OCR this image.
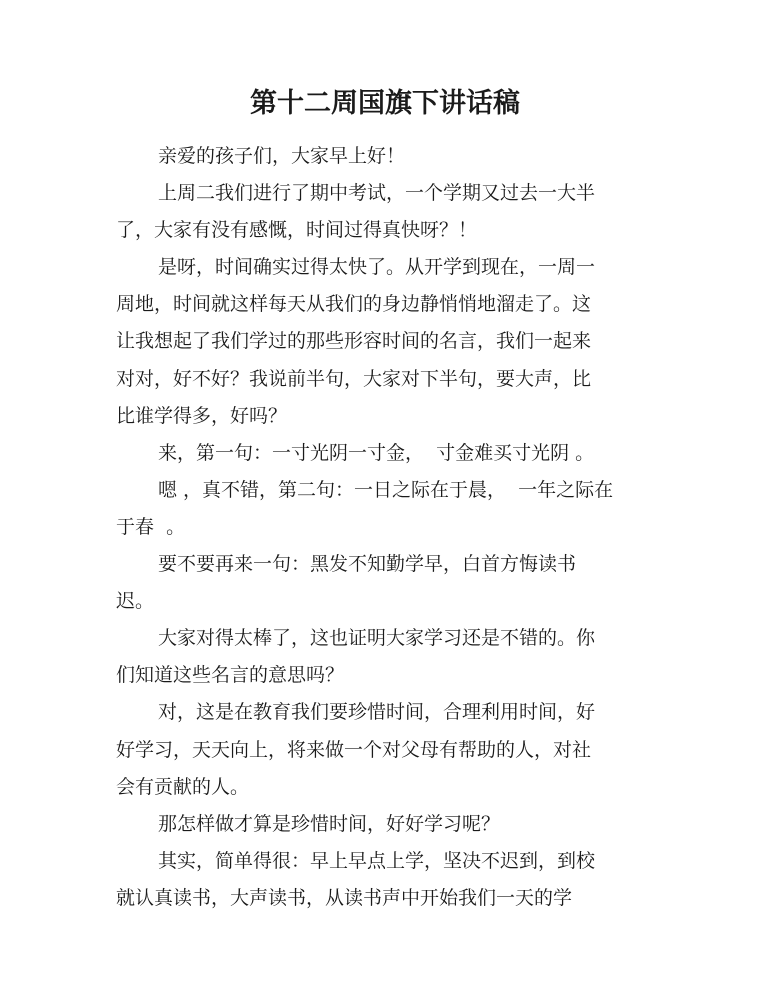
第十二周国旗下讲话稿

亲爱的孩子们，大家早上好！

上周二我们进行了期中考试，一个学期又过去一大半

了，大家有没有感慨，时间过得真快呀？！

是呀，时间确实过得太快了。从开学到现在，一周一

周地，时间就这样每天从我们的身边静悄悄地溜走了。这

让我想起了我们学过的那些形容时间的名言，我们一起来

对对，好不好？我说前半句，大家对下半句，要大声，比

比谁学得多，好吗？

来，第一句：一寸光阴一寸金，  寸金难买寸光阴 。

嗯 ，真不错，第二句：一日之际在于晨，  一年之际在

于春  。

要不要再来一句：黑发不知勤学早，白首方悔读书

迟。

大家对得太棒了，这也证明大家学习还是不错的。你

们知道这些名言的意思吗？

对，这是在教育我们要珍惜时间，合理利用时间，好

好学习，天天向上，将来做一个对父母有帮助的人，对社

会有贡献的人。

那怎样做才算是珍惜时间，好好学习呢？

其实，简单得很：早上早点上学，坚决不迟到，到校

就认真读书，大声读书，从读书声中开始我们一天的学
